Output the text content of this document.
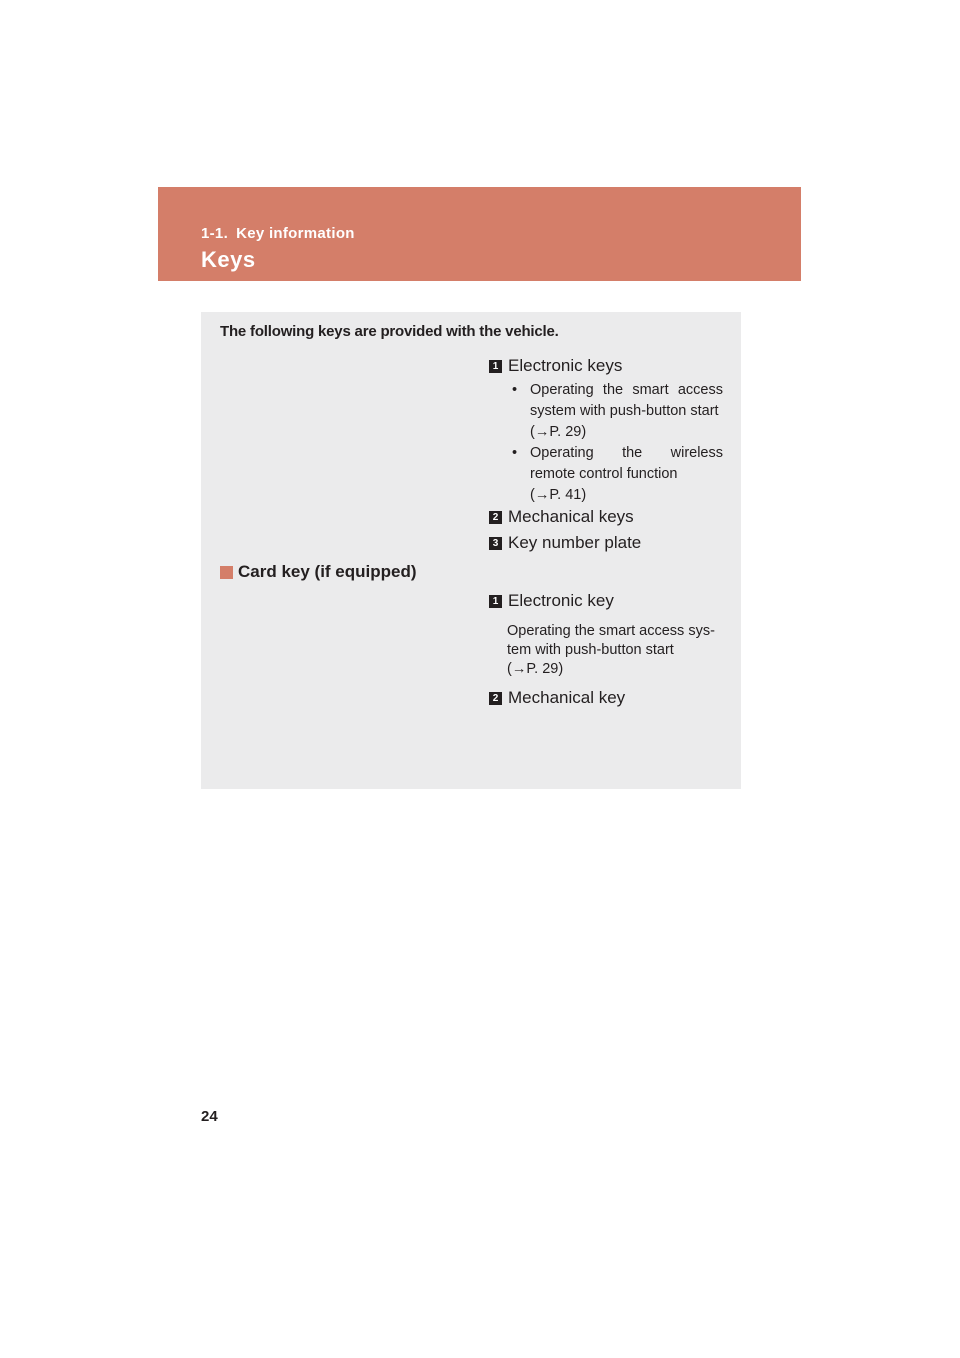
1-1. Key information
Keys
The following keys are provided with the vehicle.
1 Electronic keys
• Operating the smart access system with push-button start
(→P. 29)
• Operating the wireless remote control function
(→P. 41)
2 Mechanical keys
3 Key number plate
Card key (if equipped)
1 Electronic key
Operating the smart access sys-tem with push-button start
(→P. 29)
2 Mechanical key
24
